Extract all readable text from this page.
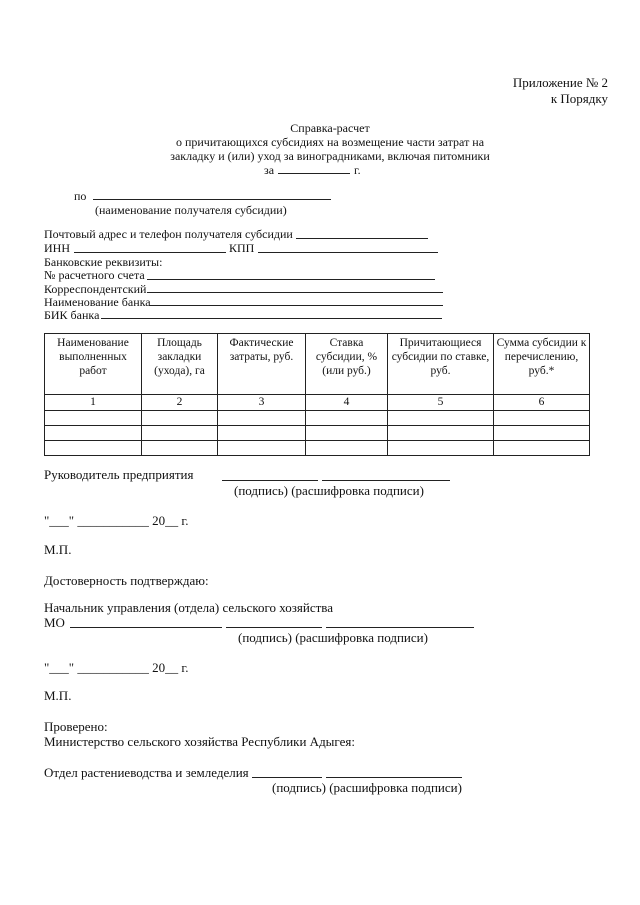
Приложение № 2
к Порядку
Справка-расчет
о причитающихся субсидиях на возмещение части затрат на
закладку и (или) уход за виноградниками, включая питомники
за	г.
по
(наименование получателя субсидии)
Почтовый адрес и телефон получателя субсидии
ИНН	КПП
Банковские реквизиты:
№ расчетного счета
Корреспондентский
Наименование банка
БИК банка
Наименование выполненных работ	Площадь закладки (ухода), га	Фактические затраты, руб.	Ставка субсидии, % (или руб.)	Причитающиеся субсидии по ставке, руб.	Сумма субсидии к перечислению, руб.*
1	2	3	4	5	6

Руководитель предприятия
(подпись) (расшифровка подписи)
"___" ___________ 20__ г.
М.П.
Достоверность подтверждаю:
Начальник управления (отдела) сельского хозяйства
МО
(подпись) (расшифровка подписи)
"___" ___________ 20__ г.
М.П.
Проверено:
Министерство сельского хозяйства Республики Адыгея:
Отдел растениеводства и земледелия
(подпись) (расшифровка подписи)
